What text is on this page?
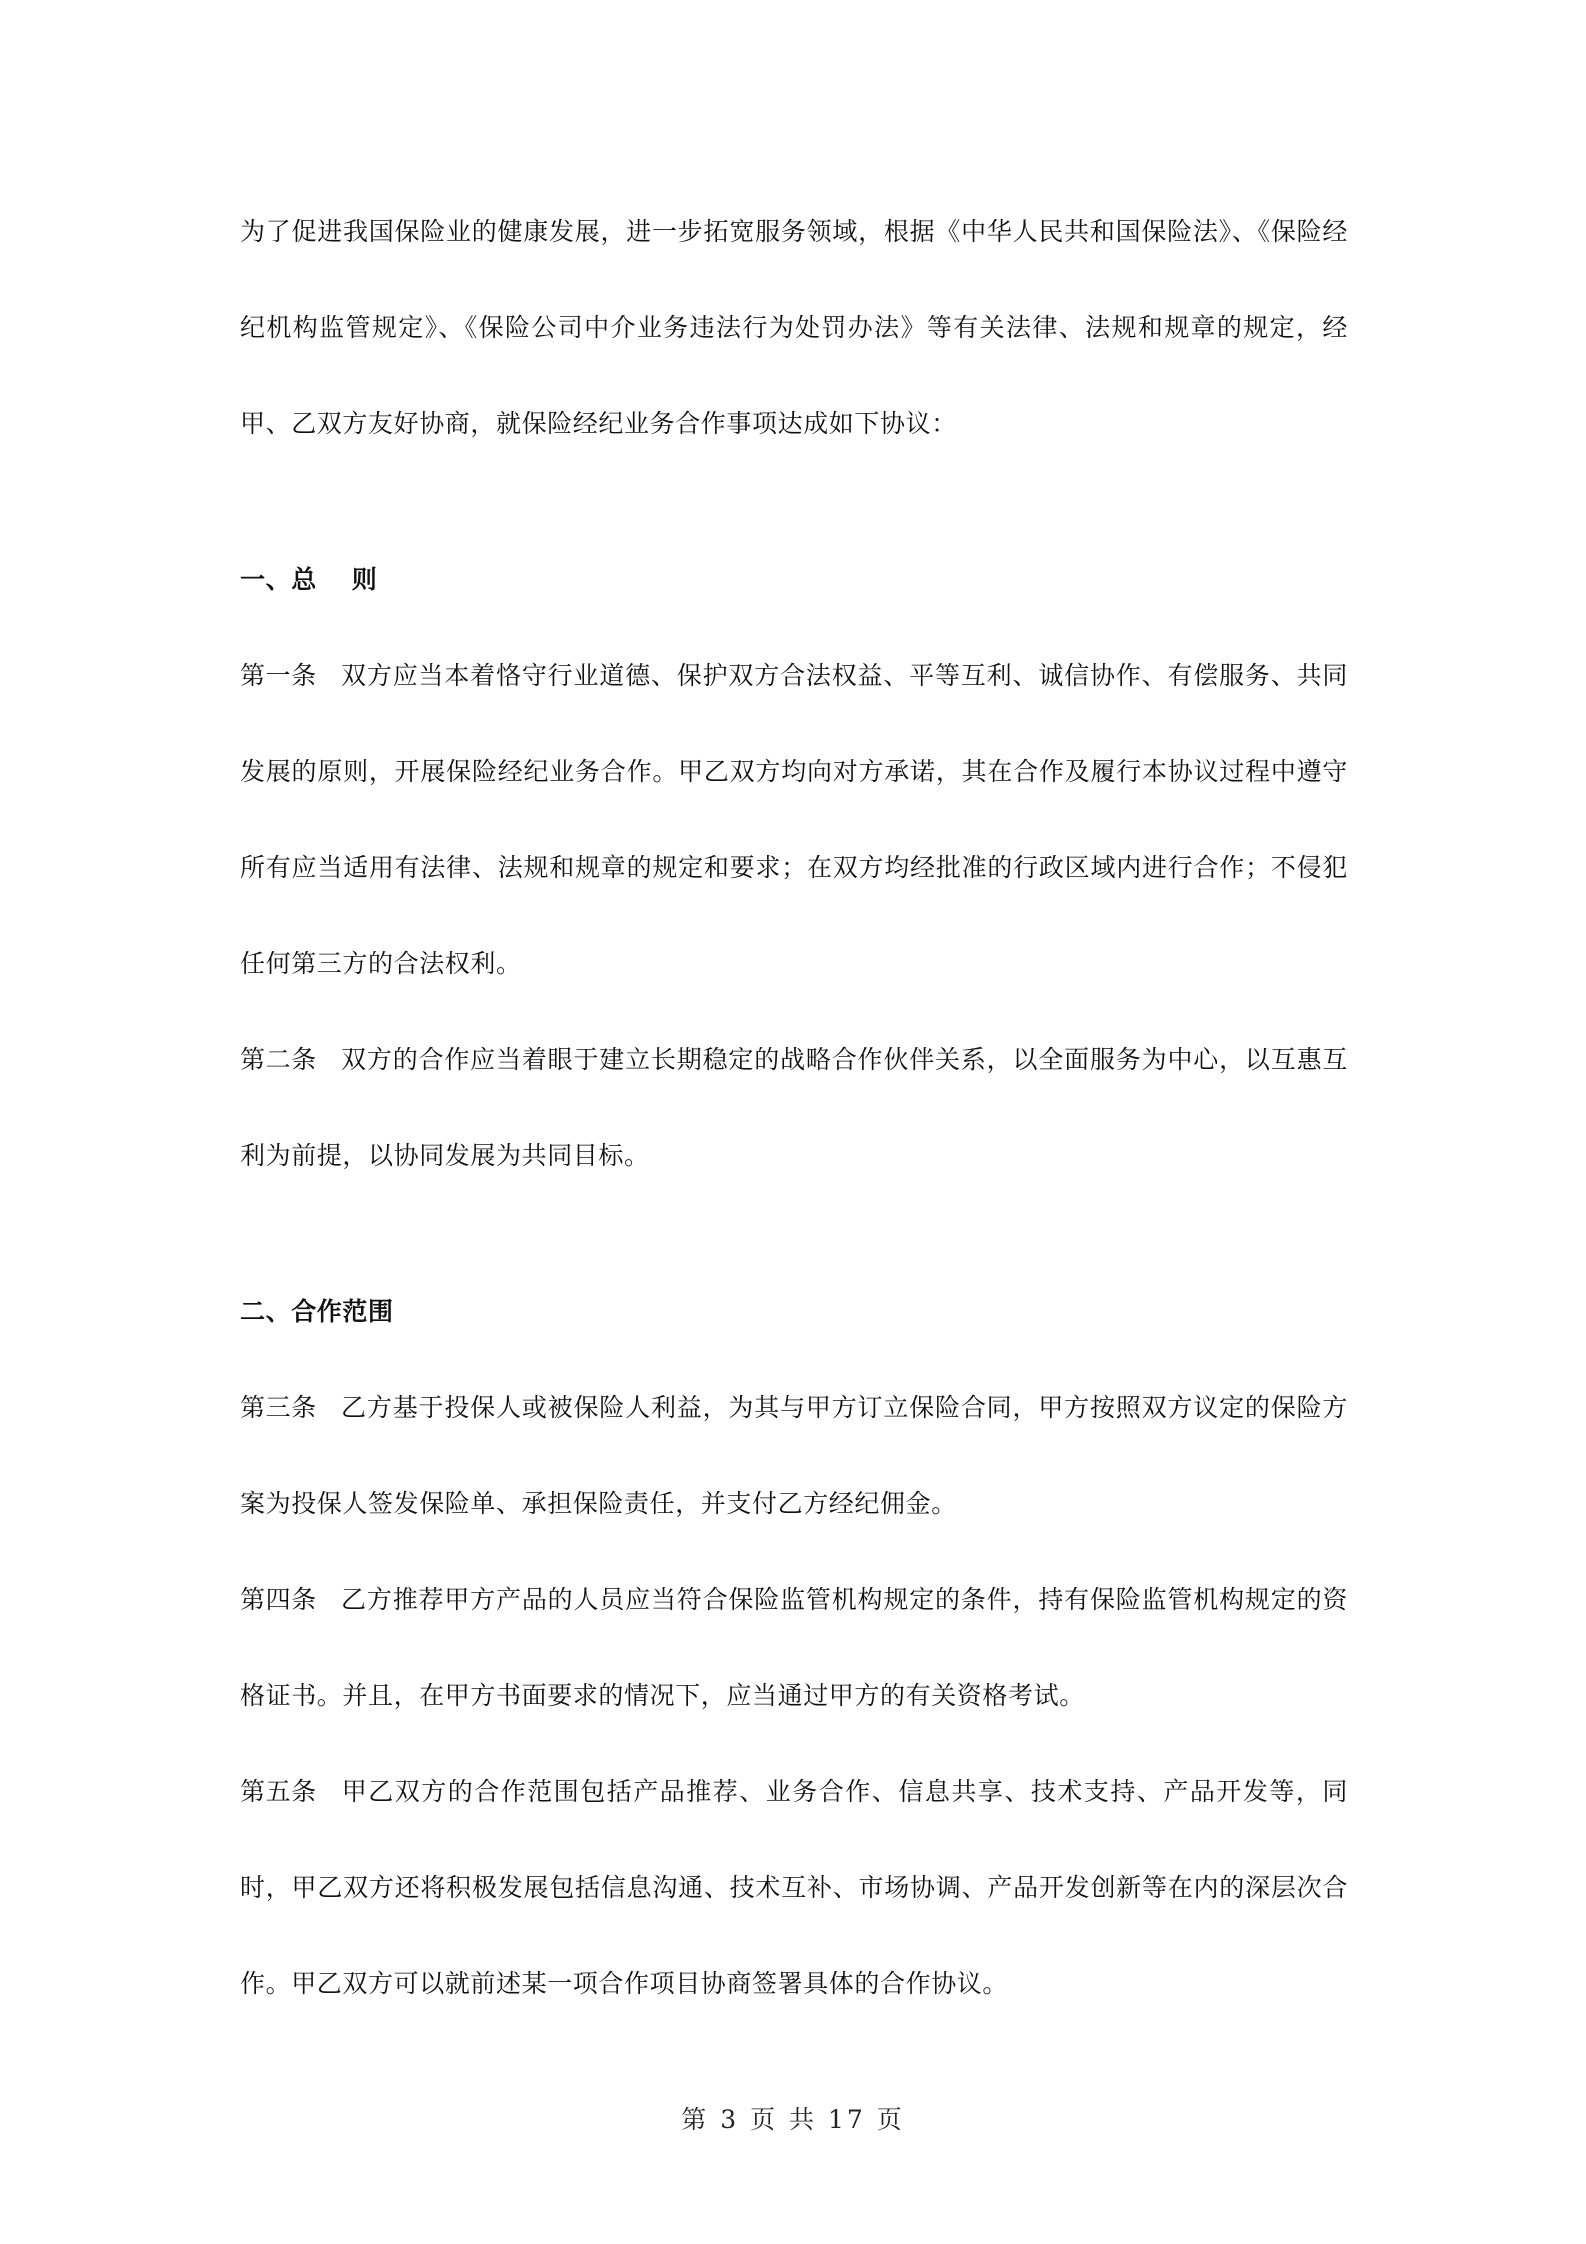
为了促进我国保险业的健康发展，进一步拓宽服务领域，根据《中华人民共和国保险法》、《保险经纪机构监管规定》、《保险公司中介业务违法行为处罚办法》等有关法律、法规和规章的规定，经甲、乙双方友好协商，就保险经纪业务合作事项达成如下协议：

一、总　 则

第一条 双方应当本着恪守行业道德、保护双方合法权益、平等互利、诚信协作、有偿服务、共同发展的原则，开展保险经纪业务合作。甲乙双方均向对方承诺，其在合作及履行本协议过程中遵守所有应当适用有法律、法规和规章的规定和要求；在双方均经批准的行政区域内进行合作；不侵犯任何第三方的合法权利。

第二条 双方的合作应当着眼于建立长期稳定的战略合作伙伴关系，以全面服务为中心，以互惠互利为前提，以协同发展为共同目标。

二、合作范围

第三条 乙方基于投保人或被保险人利益，为其与甲方订立保险合同，甲方按照双方议定的保险方案为投保人签发保险单、承担保险责任，并支付乙方经纪佣金。

第四条 乙方推荐甲方产品的人员应当符合保险监管机构规定的条件，持有保险监管机构规定的资格证书。并且，在甲方书面要求的情况下，应当通过甲方的有关资格考试。

第五条 甲乙双方的合作范围包括产品推荐、业务合作、信息共享、技术支持、产品开发等，同时，甲乙双方还将积极发展包括信息沟通、技术互补、市场协调、产品开发创新等在内的深层次合作。甲乙双方可以就前述某一项合作项目协商签署具体的合作协议。

第 3 页 共 17 页
